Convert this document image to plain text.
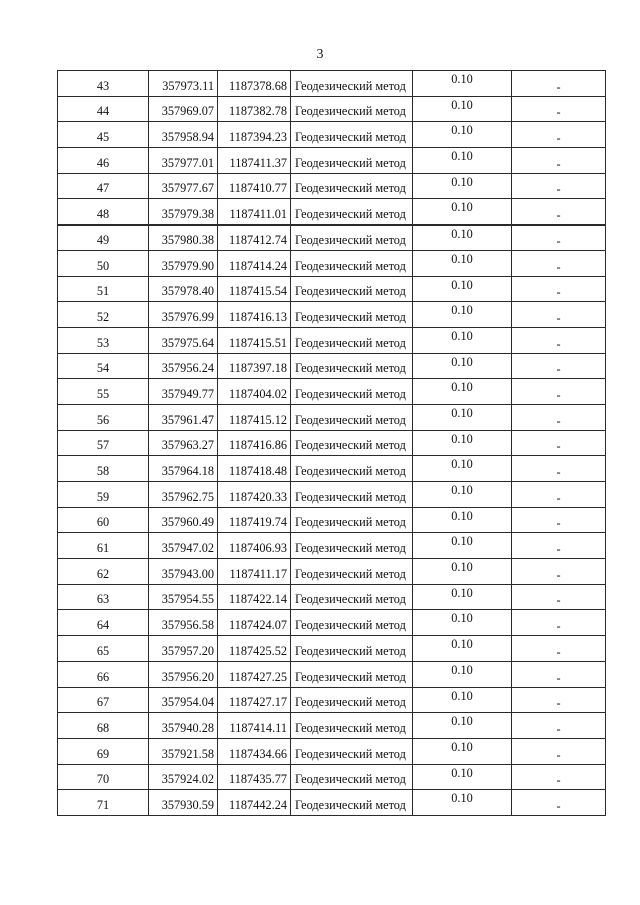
3
43	357973.11	1187378.68	Геодезический метод	0.10	-
44	357969.07	1187382.78	Геодезический метод	0.10	-
45	357958.94	1187394.23	Геодезический метод	0.10	-
46	357977.01	1187411.37	Геодезический метод	0.10	-
47	357977.67	1187410.77	Геодезический метод	0.10	-
48	357979.38	1187411.01	Геодезический метод	0.10	-
49	357980.38	1187412.74	Геодезический метод	0.10	-
50	357979.90	1187414.24	Геодезический метод	0.10	-
51	357978.40	1187415.54	Геодезический метод	0.10	-
52	357976.99	1187416.13	Геодезический метод	0.10	-
53	357975.64	1187415.51	Геодезический метод	0.10	-
54	357956.24	1187397.18	Геодезический метод	0.10	-
55	357949.77	1187404.02	Геодезический метод	0.10	-
56	357961.47	1187415.12	Геодезический метод	0.10	-
57	357963.27	1187416.86	Геодезический метод	0.10	-
58	357964.18	1187418.48	Геодезический метод	0.10	-
59	357962.75	1187420.33	Геодезический метод	0.10	-
60	357960.49	1187419.74	Геодезический метод	0.10	-
61	357947.02	1187406.93	Геодезический метод	0.10	-
62	357943.00	1187411.17	Геодезический метод	0.10	-
63	357954.55	1187422.14	Геодезический метод	0.10	-
64	357956.58	1187424.07	Геодезический метод	0.10	-
65	357957.20	1187425.52	Геодезический метод	0.10	-
66	357956.20	1187427.25	Геодезический метод	0.10	-
67	357954.04	1187427.17	Геодезический метод	0.10	-
68	357940.28	1187414.11	Геодезический метод	0.10	-
69	357921.58	1187434.66	Геодезический метод	0.10	-
70	357924.02	1187435.77	Геодезический метод	0.10	-
71	357930.59	1187442.24	Геодезический метод	0.10	-
